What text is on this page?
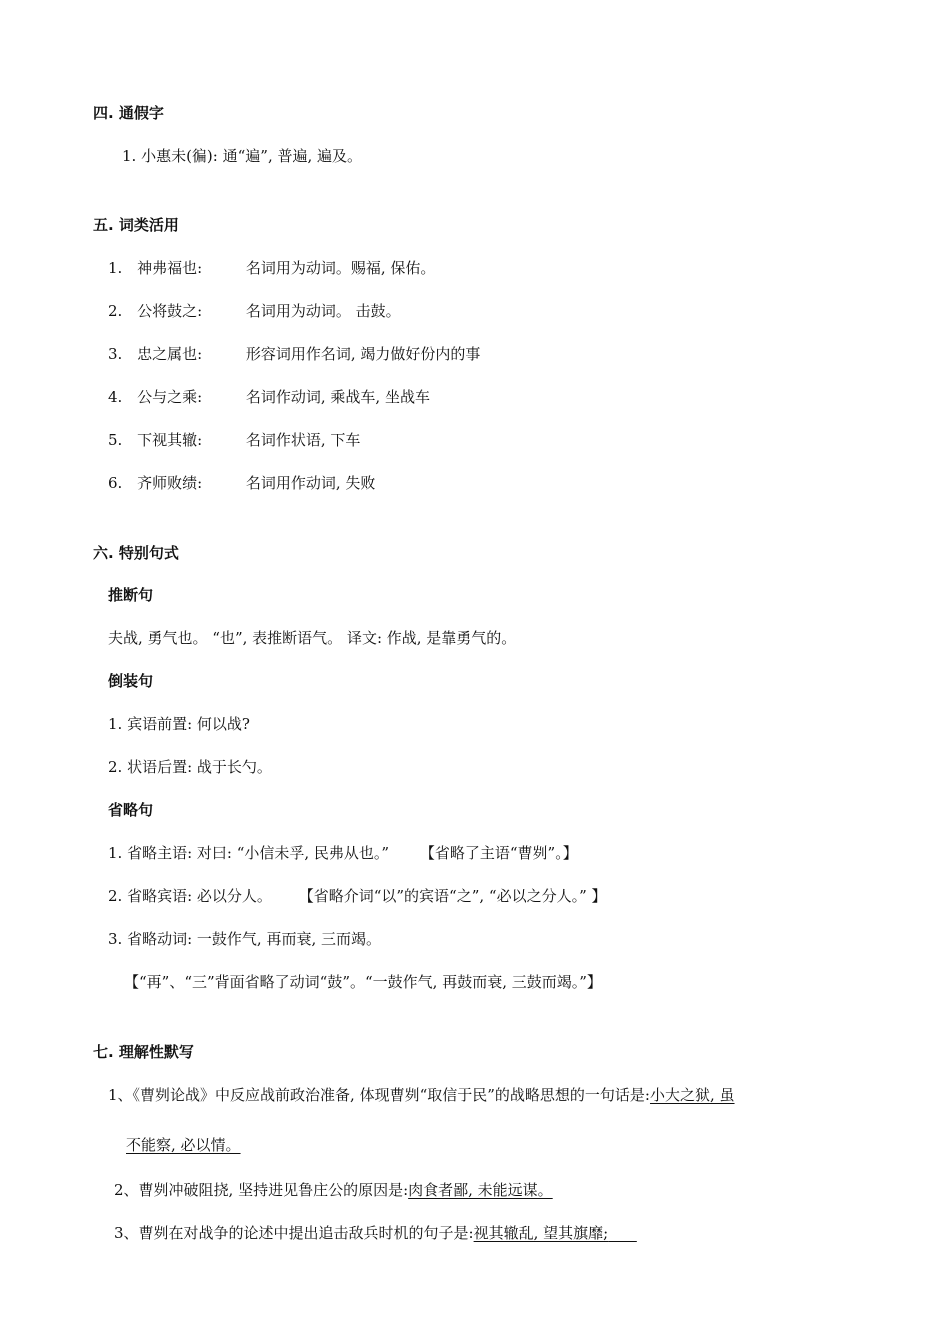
四. 通假字
1. 小惠未(徧): 通“遍”, 普遍, 遍及。
五. 词类活用
1. 神弗福也:	名词用为动词。赐福, 保佑。
2. 公将鼓之:	名词用为动词。 击鼓。
3. 忠之属也:	形容词用作名词, 竭力做好份内的事
4. 公与之乘:	名词作动词, 乘战车, 坐战车
5. 下视其辙:	名词作状语, 下车
6. 齐师败绩:	名词用作动词, 失败
六. 特别句式
推断句
夫战, 勇气也。 “也”, 表推断语气。 译文: 作战, 是靠勇气的。
倒装句
1. 宾语前置: 何以战?
2. 状语后置: 战于长勺。
省略句
1. 省略主语: 对曰: “小信未孚, 民弗从也。” 【省略了主语“曹刿”。】
2. 省略宾语: 必以分人。 【省略介词“以”的宾语“之”, “必以之分人。” 】
3. 省略动词: 一鼓作气, 再而衰, 三而竭。
【“再”、“三”背面省略了动词“鼓”。“一鼓作气, 再鼓而衰, 三鼓而竭。”】
七. 理解性默写
1、《曹刿论战》中反应战前政治准备, 体现曹刿“取信于民”的战略思想的一句话是:小大之狱, 虽
不能察, 必以情。
2、曹刿冲破阻挠, 坚持进见鲁庄公的原因是:肉食者鄙, 未能远谋。
3、曹刿在对战争的论述中提出追击敌兵时机的句子是:视其辙乱, 望其旗靡;
